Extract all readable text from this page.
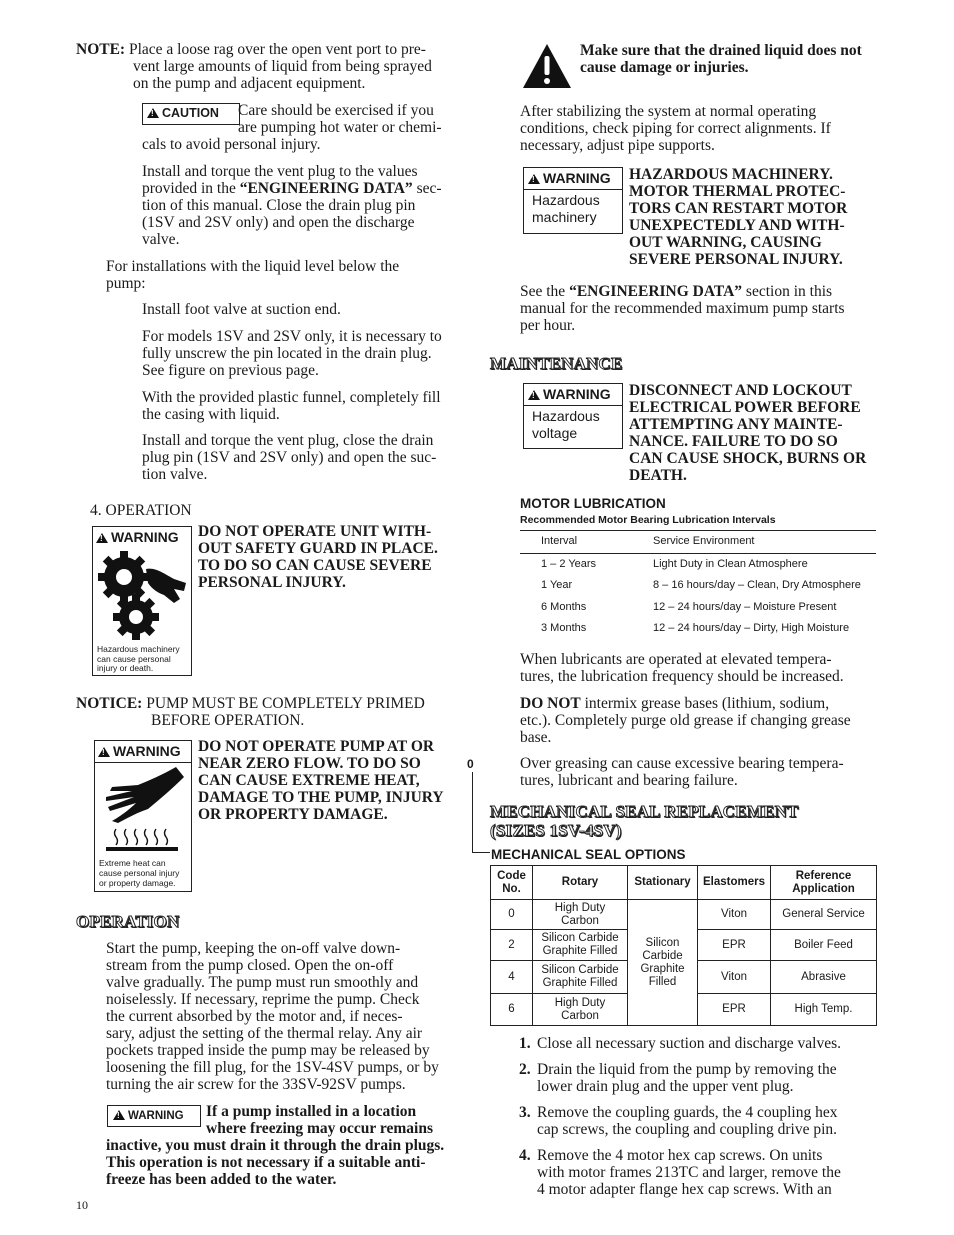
NOTE: Place a loose rag over the open vent port to pre-

vent large amounts of liquid from being sprayed

on the pump and adjacent equipment.

!CAUTION Care should be exercised if you

are pumping hot water or chemi-

cals to avoid personal injury.

Install and torque the vent plug to the values

provided in the “ENGINEERING DATA” sec-

tion of this manual. Close the drain plug pin

(1SV and 2SV only) and open the discharge

valve.

For installations with the liquid level below the

pump:

Install foot valve at suction end.

For models 1SV and 2SV only, it is necessary to

fully unscrew the pin located in the drain plug.

See figure on previous page.

With the provided plastic funnel, completely fill

the casing with liquid.

Install and torque the vent plug, close the drain

plug pin (1SV and 2SV only) and open the suc-

tion valve.

4. OPERATION

!WARNING
Hazardous machinery
can cause personal
injury or death.

DO NOT OPERATE UNIT WITH-

OUT SAFETY GUARD IN PLACE.

TO DO SO CAN CAUSE SEVERE

PERSONAL INJURY.

NOTICE: PUMP MUST BE COMPLETELY PRIMED

BEFORE OPERATION.

!WARNING
Extreme heat can
cause personal injury
or property damage.

DO NOT OPERATE PUMP AT OR

NEAR ZERO FLOW. TO DO SO

CAN CAUSE EXTREME HEAT,

DAMAGE TO THE PUMP, INJURY

OR PROPERTY DAMAGE.

OPERATION

Start the pump, keeping the on-off valve down-

stream from the pump closed. Open the on-off

valve gradually. The pump must run smoothly and

noiselessly. If necessary, reprime the pump. Check

the current absorbed by the motor and, if neces-

sary, adjust the setting of the thermal relay. Any air

pockets trapped inside the pump may be released by

loosening the fill plug, for the 1SV-4SV pumps, or by

turning the air screw for the 33SV-92SV pumps.

!WARNING If a pump installed in a location

where freezing may occur remains

inactive, you must drain it through the drain plugs.

This operation is not necessary if a suitable anti-

freeze has been added to the water.

10

Make sure that the drained liquid does not

cause damage or injuries.

After stabilizing the system at normal operating

conditions, check piping for correct alignments. If

necessary, adjust pipe supports.

!WARNING
Hazardous
machinery

HAZARDOUS MACHINERY.

MOTOR THERMAL PROTEC-

TORS CAN RESTART MOTOR

UNEXPECTEDLY AND WITH-

OUT WARNING, CAUSING

SEVERE PERSONAL INJURY.

See the “ENGINEERING DATA” section in this

manual for the recommended maximum pump starts

per hour.

MAINTENANCE
!WARNING
Hazardous
voltage

DISCONNECT AND LOCKOUT

ELECTRICAL POWER BEFORE

ATTEMPTING ANY MAINTE-

NANCE. FAILURE TO DO SO

CAN CAUSE SHOCK, BURNS OR

DEATH.

MOTOR LUBRICATION
Recommended Motor Bearing Lubrication Intervals
Interval	Service Environment
1 – 2 Years	Light Duty in Clean Atmosphere
1 Year	8 – 16 hours/day – Clean, Dry Atmosphere
6 Months	12 – 24 hours/day – Moisture Present
3 Months	12 – 24 hours/day – Dirty, High Moisture

When lubricants are operated at elevated tempera-

tures, the lubrication frequency should be increased.

DO NOT intermix grease bases (lithium, sodium,

etc.). Completely purge old grease if changing grease

base.

Over greasing can cause excessive bearing tempera-

tures, lubricant and bearing failure.

0
MECHANICAL SEAL REPLACEMENT
(SIZES 1SV-4SV)
MECHANICAL SEAL OPTIONS
Code No.	Rotary	Stationary	Elastomers	Reference Application
0	High Duty Carbon	Silicon Carbide Graphite Filled	Viton	General Service
2	Silicon Carbide Graphite Filled		EPR	Boiler Feed
4	Silicon Carbide Graphite Filled		Viton	Abrasive
6	High Duty Carbon		EPR	High Temp.
1. Close all necessary suction and discharge valves.

2. Drain the liquid from the pump by removing the

lower drain plug and the upper vent plug.

3. Remove the coupling guards, the 4 coupling hex

cap screws, the coupling and coupling drive pin.

4. Remove the 4 motor hex cap screws. On units

with motor frames 213TC and larger, remove the

4 motor adapter flange hex cap screws. With an
